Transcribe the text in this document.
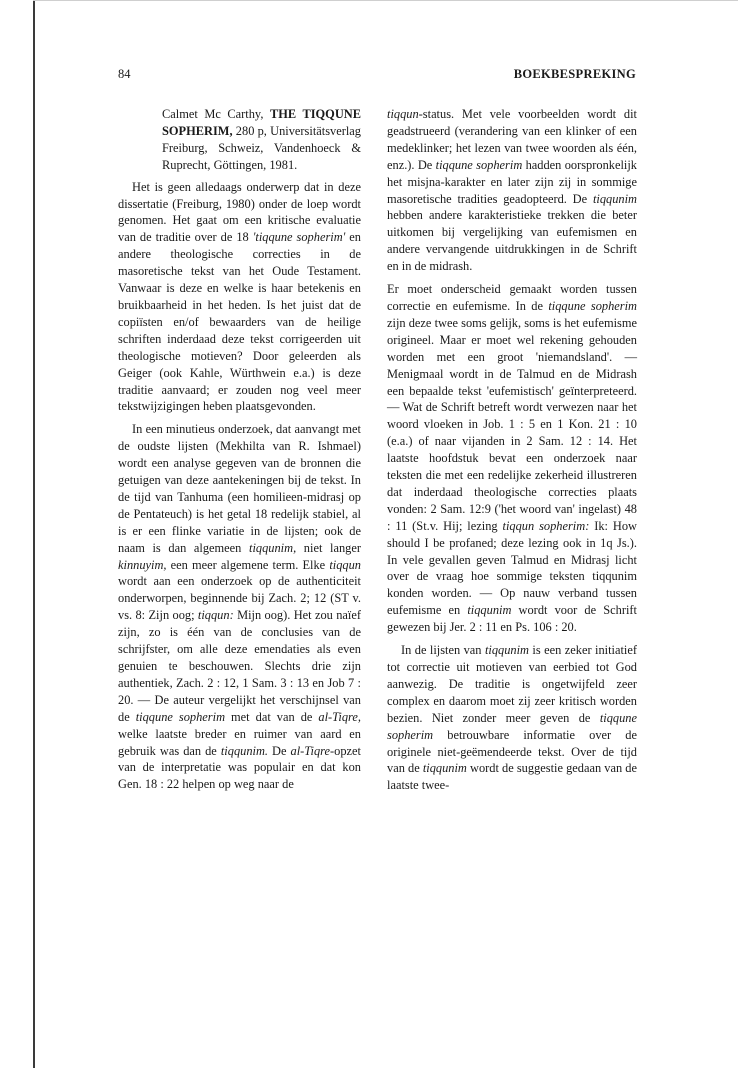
84	BOEKBESPREKING

Calmet Mc Carthy, THE TIQQUNE SOPHERIM, 280 p, Universitätsverlag Freiburg, Schweiz, Vandenhoeck & Ruprecht, Göttingen, 1981.

Het is geen alledaags onderwerp dat in deze dissertatie (Freiburg, 1980) onder de loep wordt genomen. Het gaat om een kritische evaluatie van de traditie over de 18 'tiqqune sopherim' en andere theologische correcties in de masoretische tekst van het Oude Testament. Vanwaar is deze en welke is haar betekenis en bruikbaarheid in het heden. Is het juist dat de copiïsten en/of bewaarders van de heilige schriften inderdaad deze tekst corrigeerden uit theologische motieven? Door geleerden als Geiger (ook Kahle, Würthwein e.a.) is deze traditie aanvaard; er zouden nog veel meer tekstwijzigingen heben plaatsgevonden.

In een minutieus onderzoek, dat aanvangt met de oudste lijsten (Mekhilta van R. Ishmael) wordt een analyse gegeven van de bronnen die getuigen van deze aantekeningen bij de tekst. In de tijd van Tanhuma (een homilieen-midrasj op de Pentateuch) is het getal 18 redelijk stabiel, al is er een flinke variatie in de lijsten; ook de naam is dan algemeen tiqqunim, niet langer kinnuyim, een meer algemene term. Elke tiqqun wordt aan een onderzoek op de authenticiteit onderworpen, beginnende bij Zach. 2; 12 (ST v. vs. 8: Zijn oog; tiqqun: Mijn oog). Het zou naïef zijn, zo is één van de conclusies van de schrijfster, om alle deze emendaties als even genuien te beschouwen. Slechts drie zijn authentiek, Zach. 2 : 12, 1 Sam. 3 : 13 en Job 7 : 20. — De auteur vergelijkt het verschijnsel van de tiqqune sopherim met dat van de al-Tiqre, welke laatste breder en ruimer van aard en gebruik was dan de tiqqunim. De al-Tiqre-opzet van de interpretatie was populair en dat kon Gen. 18 : 22 helpen op weg naar de

tiqqun-status. Met vele voorbeelden wordt dit geadstrueerd (verandering van een klinker of een medeklinker; het lezen van twee woorden als één, enz.). De tiqqune sopherim hadden oorspronkelijk het misjna-karakter en later zijn zij in sommige masoretische tradities geadopteerd. De tiqqunim hebben andere karakteristieke trekken die beter uitkomen bij vergelijking van eufemismen en andere vervangende uitdrukkingen in de Schrift en in de midrash.

Er moet onderscheid gemaakt worden tussen correctie en eufemisme. In de tiqqune sopherim zijn deze twee soms gelijk, soms is het eufemisme origineel. Maar er moet wel rekening gehouden worden met een groot 'niemandsland'. — Menigmaal wordt in de Talmud en de Midrash een bepaalde tekst 'eufemistisch' geïnterpreteerd. — Wat de Schrift betreft wordt verwezen naar het woord vloeken in Job. 1 : 5 en 1 Kon. 21 : 10 (e.a.) of naar vijanden in 2 Sam. 12 : 14. Het laatste hoofdstuk bevat een onderzoek naar teksten die met een redelijke zekerheid illustreren dat inderdaad theologische correcties plaats vonden: 2 Sam. 12:9 ('het woord van' ingelast) 48 : 11 (St.v. Hij; lezing tiqqun sopherim: Ik: How should I be profaned; deze lezing ook in 1q Js.). In vele gevallen geven Talmud en Midrasj licht over de vraag hoe sommige teksten tiqqunim konden worden. — Op nauw verband tussen eufemisme en tiqqunim wordt voor de Schrift gewezen bij Jer. 2 : 11 en Ps. 106 : 20.

In de lijsten van tiqqunim is een zeker initiatief tot correctie uit motieven van eerbied tot God aanwezig. De traditie is ongetwijfeld zeer complex en daarom moet zij zeer kritisch worden bezien. Niet zonder meer geven de tiqqune sopherim betrouwbare informatie over de originele niet-geëmendeerde tekst. Over de tijd van de tiqqunim wordt de suggestie gedaan van de laatste twee-
